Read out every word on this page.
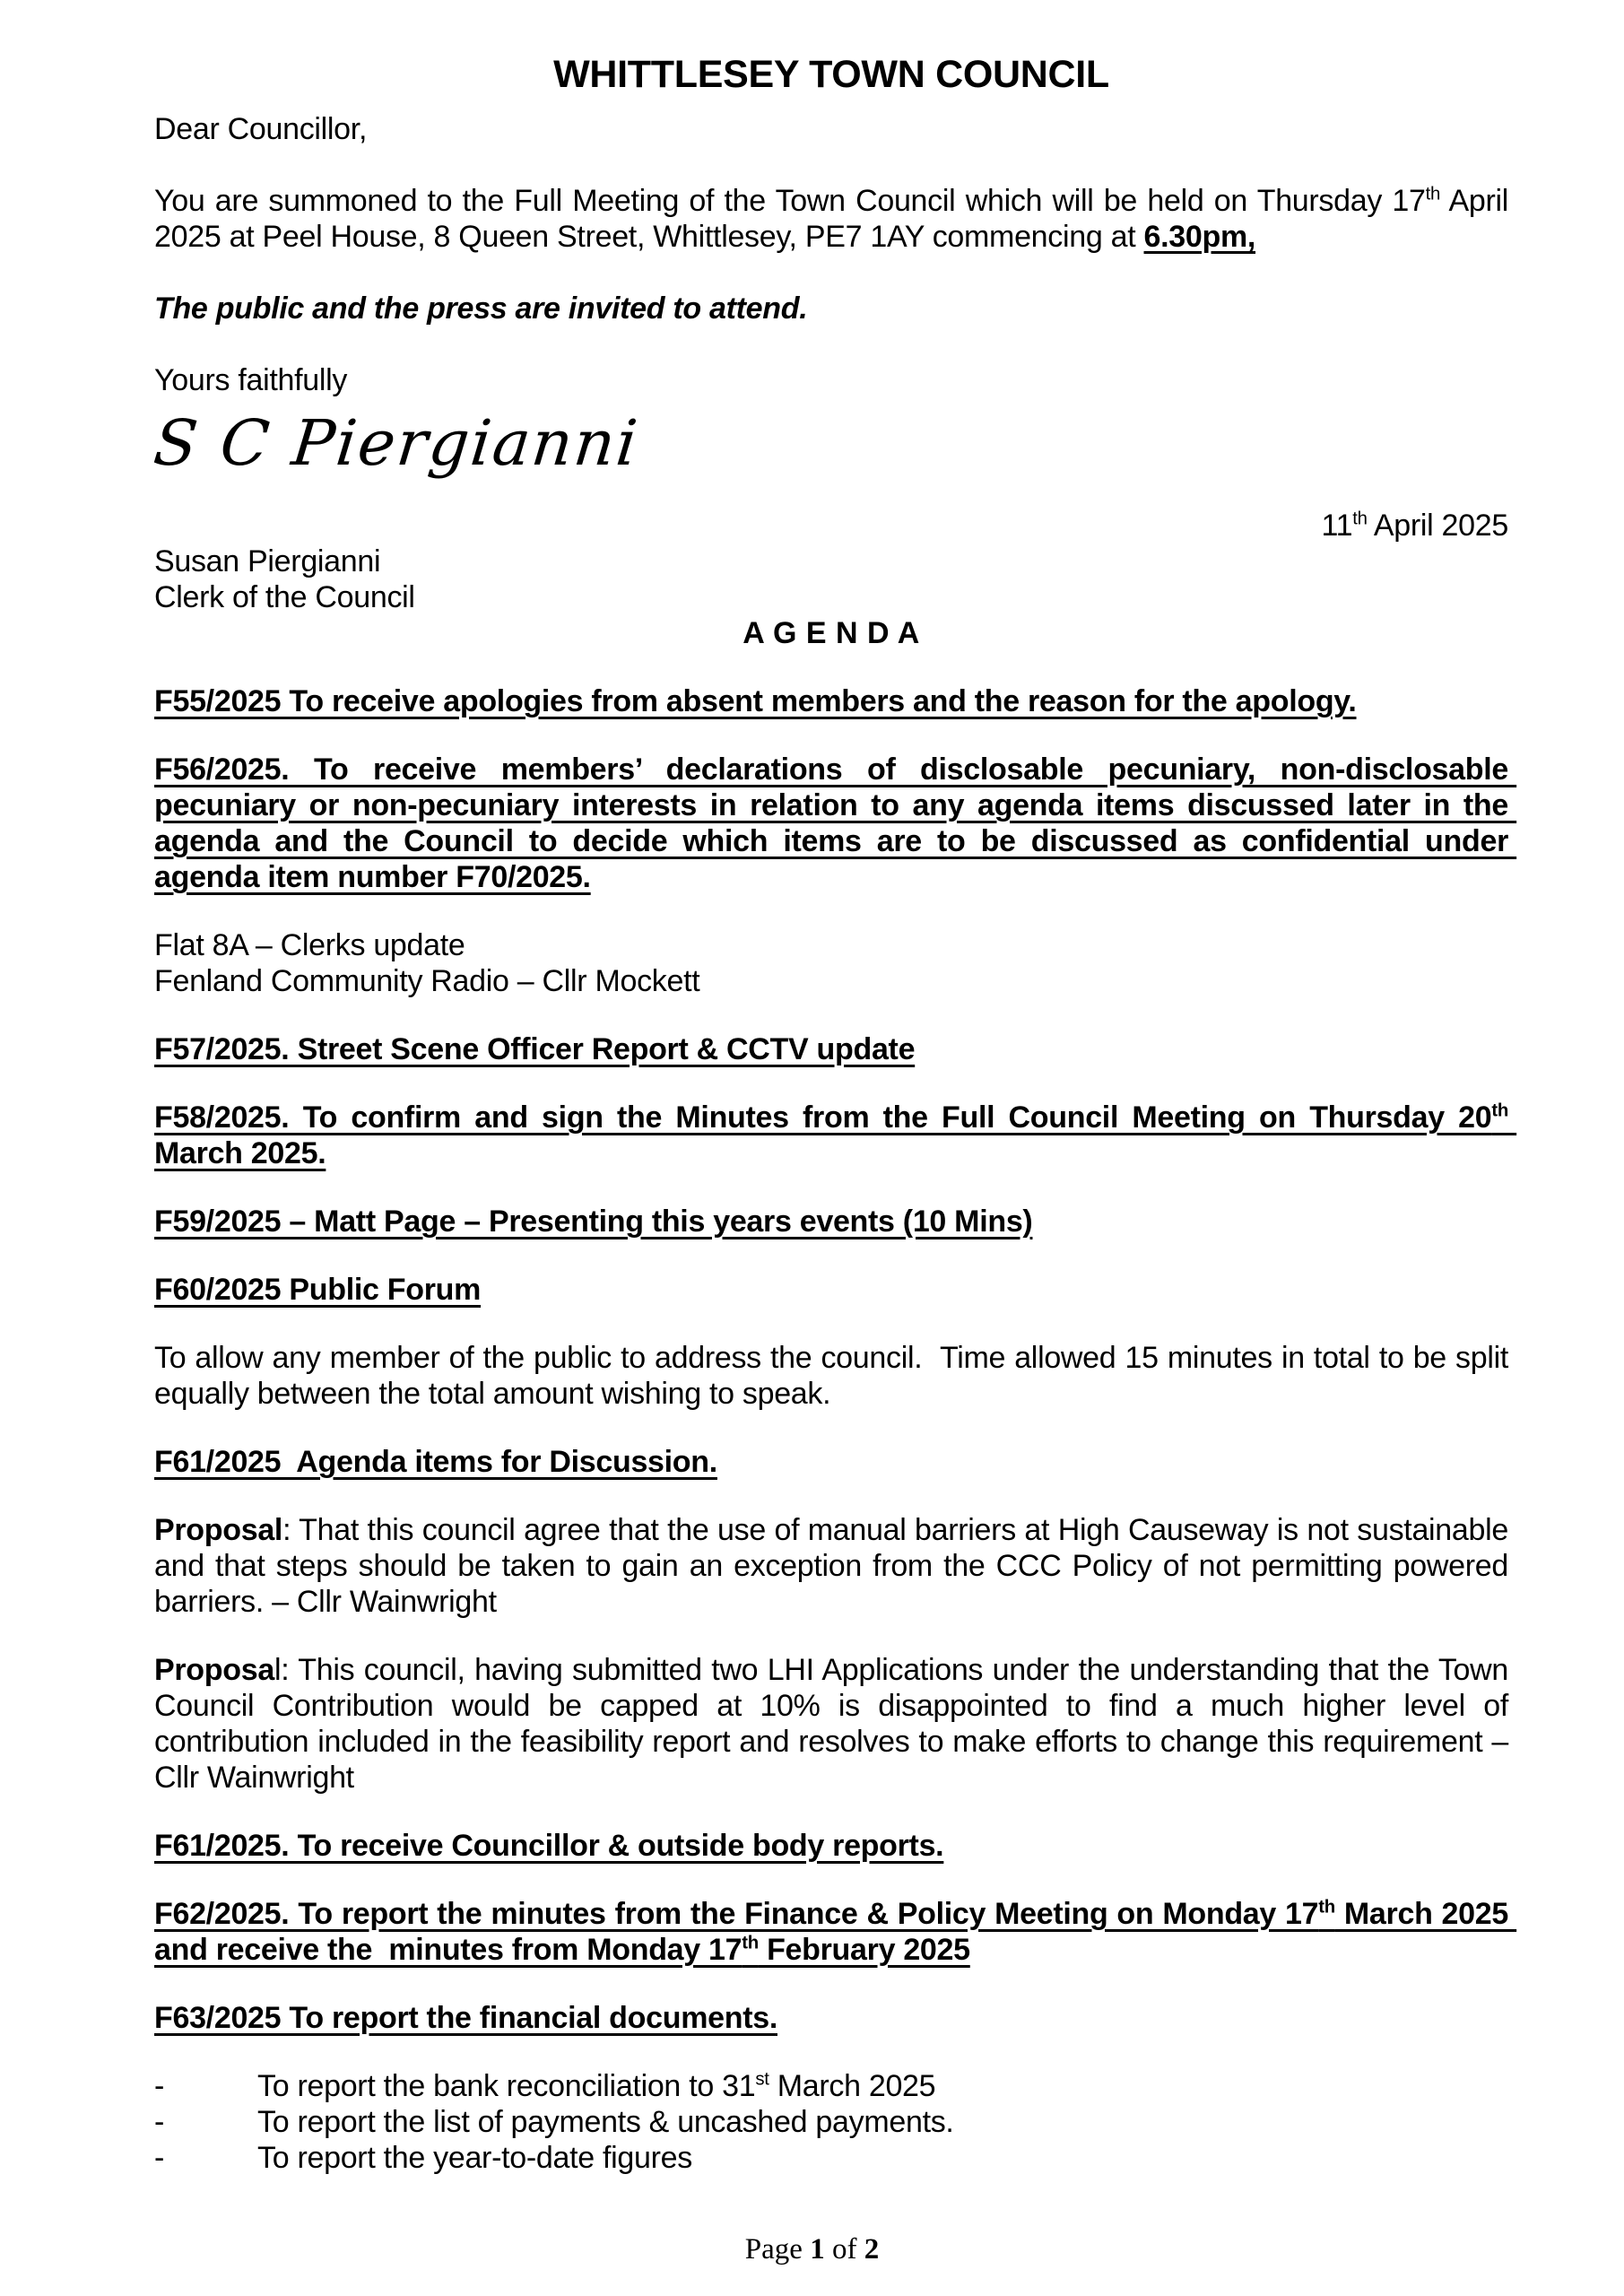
WHITTLESEY TOWN COUNCIL

Dear Councillor,

You are summoned to the Full Meeting of the Town Council which will be held on Thursday 17th April 2025 at Peel House, 8 Queen Street, Whittlesey, PE7 1AY commencing at 6.30pm,

The public and the press are invited to attend.

Yours faithfully

S C Piergianni

11th April 2025

Susan Piergianni

Clerk of the Council

A G E N D A

F55/2025 To receive apologies from absent members and the reason for the apology.

F56/2025. To receive members’ declarations of disclosable pecuniary, non-disclosable pecuniary or non-pecuniary interests in relation to any agenda items discussed later in the agenda and the Council to decide which items are to be discussed as confidential under agenda item number F70/2025.

Flat 8A – Clerks update

Fenland Community Radio – Cllr Mockett

F57/2025. Street Scene Officer Report & CCTV update

F58/2025. To confirm and sign the Minutes from the Full Council Meeting on Thursday 20th March 2025.

F59/2025 – Matt Page – Presenting this years events (10 Mins)

F60/2025 Public Forum

To allow any member of the public to address the council.  Time allowed 15 minutes in total to be split equally between the total amount wishing to speak.

F61/2025  Agenda items for Discussion.

Proposal: That this council agree that the use of manual barriers at High Causeway is not sustainable and that steps should be taken to gain an exception from the CCC Policy of not permitting powered barriers. – Cllr Wainwright

Proposal: This council, having submitted two LHI Applications under the understanding that the Town Council Contribution would be capped at 10% is disappointed to find a much higher level of contribution included in the feasibility report and resolves to make efforts to change this requirement – Cllr Wainwright

F61/2025. To receive Councillor & outside body reports.

F62/2025. To report the minutes from the Finance & Policy Meeting on Monday 17th March 2025 and receive the  minutes from Monday 17th February 2025

F63/2025 To report the financial documents.

-	To report the bank reconciliation to 31st March 2025
-	To report the list of payments & uncashed payments.
-	To report the year-to-date figures
Page 1 of 2
